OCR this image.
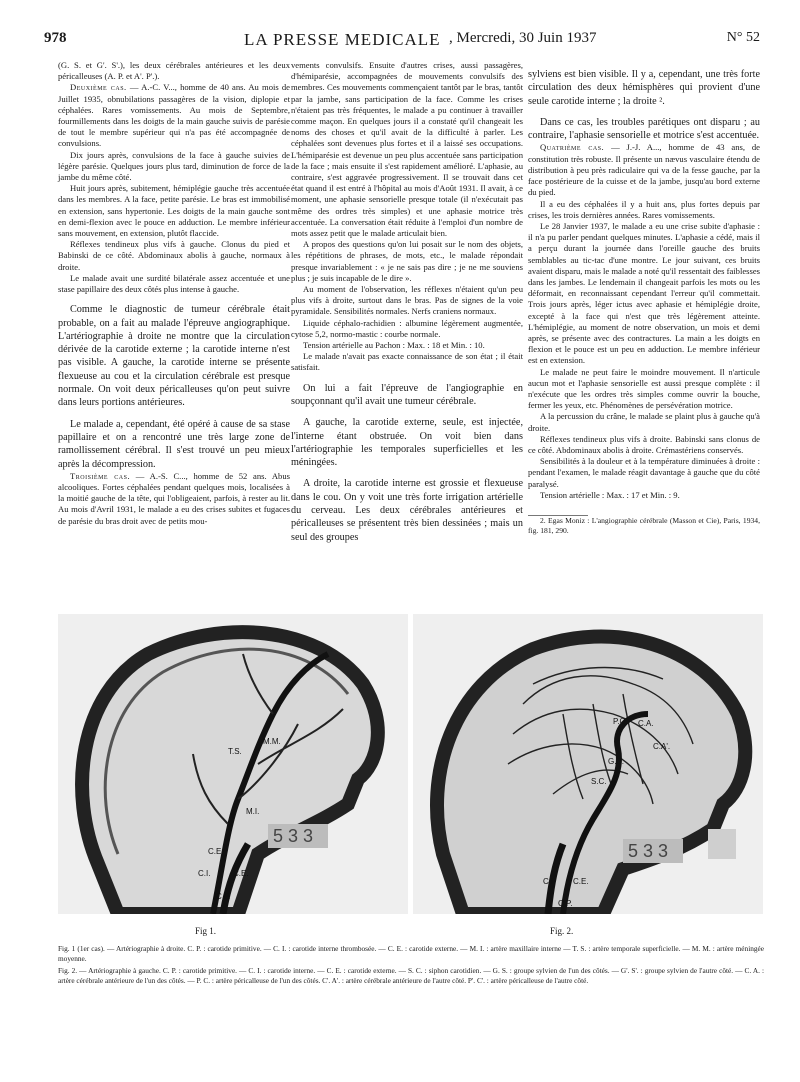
978	LA PRESSE MEDICALE , Mercredi, 30 Juin 1937	N° 52

(G. S. et G'. S'.), les deux cérébrales antérieures et les deux péricalleuses (A. P. et A'. P'.).

Deuxième cas. — A.-C. V..., homme de 40 ans. Au mois de Juillet 1935, obnubilations passagères de la vision, diplopie et céphalées. Rares vomissements. Au mois de Septembre, fourmillements dans les doigts de la main gauche suivis de parésie de tout le membre supérieur qui n'a pas été accompagnée de convulsions.

Dix jours après, convulsions de la face à gauche suivies de légère parésie. Quelques jours plus tard, diminution de force de la jambe du même côté.

Huit jours après, subitement, hémiplégie gauche très accentuée dans les membres. A la face, petite parésie. Le bras est immobilisé en extension, sans hypertonie. Les doigts de la main gauche sont en demi-flexion avec le pouce en adduction. Le membre inférieur sans mouvement, en extension, plutôt flaccide.

Réflexes tendineux plus vifs à gauche. Clonus du pied et Babinski de ce côté. Abdominaux abolis à gauche, normaux à droite.

Le malade avait une surdité bilatérale assez accentuée et une stase papillaire des deux côtés plus intense à gauche.

Comme le diagnostic de tumeur cérébrale était probable, on a fait au malade l'épreuve angiographique. L'artériographie à droite ne montre que la circulation dérivée de la carotide externe ; la carotide interne n'est pas visible. A gauche, la carotide interne se présente flexueuse au cou et la circulation cérébrale est presque normale. On voit deux péricalleuses qu'on peut suivre dans leurs portions antérieures.

Le malade a, cependant, été opéré à cause de sa stase papillaire et on a rencontré une très large zone de ramollissement cérébral. Il s'est trouvé un peu mieux après la décompression.

Troisième cas. — A.-S. C..., homme de 52 ans. Abus alcooliques. Fortes céphalées pendant quelques mois, localisées à la moitié gauche de la tête, qui l'obligeaient, parfois, à rester au lit. Au mois d'Avril 1931, le malade a eu des crises subites et fugaces de parésie du bras droit avec de petits mou-

vements convulsifs. Ensuite d'autres crises, aussi passagères, d'hémiparésie, accompagnées de mouvements convulsifs des membres. Ces mouvements commençaient tantôt par le bras, tantôt par la jambe, sans participation de la face. Comme les crises n'étaient pas très fréquentes, le malade a pu continuer à travailler comme maçon. En quelques jours il a constaté qu'il changeait les noms des choses et qu'il avait de la difficulté à parler. Les céphalées sont devenues plus fortes et il a laissé ses occupations. L'hémiparésie est devenue un peu plus accentuée sans participation de la face ; mais ensuite il s'est rapidement amélioré. L'aphasie, au contraire, s'est aggravée progressivement. Il se trouvait dans cet état quand il est entré à l'hôpital au mois d'Août 1931. Il avait, à ce moment, une aphasie sensorielle presque totale (il n'exécutait pas même des ordres très simples) et une aphasie motrice très accentuée. La conversation était réduite à l'emploi d'un nombre de mots assez petit que le malade articulait bien.

A propos des questions qu'on lui posait sur le nom des objets, les répétitions de phrases, de mots, etc., le malade répondait presque invariablement : « je ne sais pas dire ; je ne me souviens plus ; je suis incapable de le dire ».

Au moment de l'observation, les réflexes n'étaient qu'un peu plus vifs à droite, surtout dans le bras. Pas de signes de la voie pyramidale. Sensibilités normales. Nerfs craniens normaux.

Liquide céphalo-rachidien : albumine légèrement augmentée, cytose 5,2, normo-mastic : courbe normale.

Tension artérielle au Pachon : Max. : 18 et Min. : 10.

Le malade n'avait pas exacte connaissance de son état ; il était satisfait.

On lui a fait l'épreuve de l'angiographie en soupçonnant qu'il avait une tumeur cérébrale.

A gauche, la carotide externe, seule, est injectée, l'interne étant obstruée. On voit bien dans l'artériographie les temporales superficielles et les méningées.

A droite, la carotide interne est grossie et flexueuse dans le cou. On y voit une très forte irrigation artérielle du cerveau. Les deux cérébrales antérieures et péricalleuses se présentent très bien dessinées ; mais un seul des groupes

sylviens est bien visible. Il y a, cependant, une très forte circulation des deux hémisphères qui provient d'une seule carotide interne ; la droite ².

Dans ce cas, les troubles parétiques ont disparu ; au contraire, l'aphasie sensorielle et motrice s'est accentuée.

Quatrième cas. — J.-J. A..., homme de 43 ans, de constitution très robuste. Il présente un nævus vasculaire étendu de distribution à peu près radiculaire qui va de la fesse gauche, par la face postérieure de la cuisse et de la jambe, jusqu'au bord externe du pied.

Il a eu des céphalées il y a huit ans, plus fortes depuis par crises, les trois dernières années. Rares vomissements.

Le 28 Janvier 1937, le malade a eu une crise subite d'aphasie : il n'a pu parler pendant quelques minutes. L'aphasie a cédé, mais il a perçu durant la journée dans l'oreille gauche des bruits semblables au tic-tac d'une montre. Le jour suivant, ces bruits avaient disparu, mais le malade a noté qu'il ressentait des faiblesses dans les jambes. Le lendemain il changeait parfois les mots ou les déformait, en reconnaissant cependant l'erreur qu'il commettait. Trois jours après, léger ictus avec aphasie et hémiplégie droite, excepté à la face qui n'est que très légèrement atteinte. L'hémiplégie, au moment de notre observation, un mois et demi après, se présente avec des contractures. La main a les doigts en flexion et le pouce est un peu en adduction. Le membre inférieur est en extension.

Le malade ne peut faire le moindre mouvement. Il n'articule aucun mot et l'aphasie sensorielle est aussi presque complète : il n'exécute que les ordres très simples comme ouvrir la bouche, fermer les yeux, etc. Phénomènes de persévération motrice.

A la percussion du crâne, le malade se plaint plus à gauche qu'à droite.

Réflexes tendineux plus vifs à droite. Babinski sans clonus de ce côté. Abdominaux abolis à droite. Crémastériens conservés.

Sensibilités à la douleur et à la température diminuées à droite : pendant l'examen, le malade réagit davantage à gauche que du côté paralysé.

Tension artérielle : Max. : 17 et Min. : 9.

2. Egas Moniz : L'angiographie cérébrale (Masson et Cie), Paris, 1934, fig. 181, 290.

5 3 3
M.M.
T.S.
M.I.
C.E.
C.P.
C.I.	C.E.
5 3 3
P.C. C.A.
G.S.
C.A'.
S.C.
C.I. C.E.
C.P.
Fig 1.	Fig. 2.
Fig. 1 (1er cas). — Artériographie à droite. C. P. : carotide primitive. — C. I. : carotide interne thrombosée. — C. E. : carotide externe. — M. I. : artère maxillaire interne — T. S. : artère temporale superficielle. — M. M. : artère méningée moyenne.
Fig. 2. — Artériographie à gauche. C. P. : carotide primitive. — C. I. : carotide interne. — C. E. : carotide externe. — S. C. : siphon carotidien. — G. S. : groupe sylvien de l'un des côtés. — G'. S'. : groupe sylvien de l'autre côté. — C. A. : artère cérébrale antérieure de l'un des côtés. — P. C. : artère péricalleuse de l'un des côtés. C'. A'. : artère cérébrale antérieure de l'autre côté. P'. C'. : artère péricalleuse de l'autre côté.
